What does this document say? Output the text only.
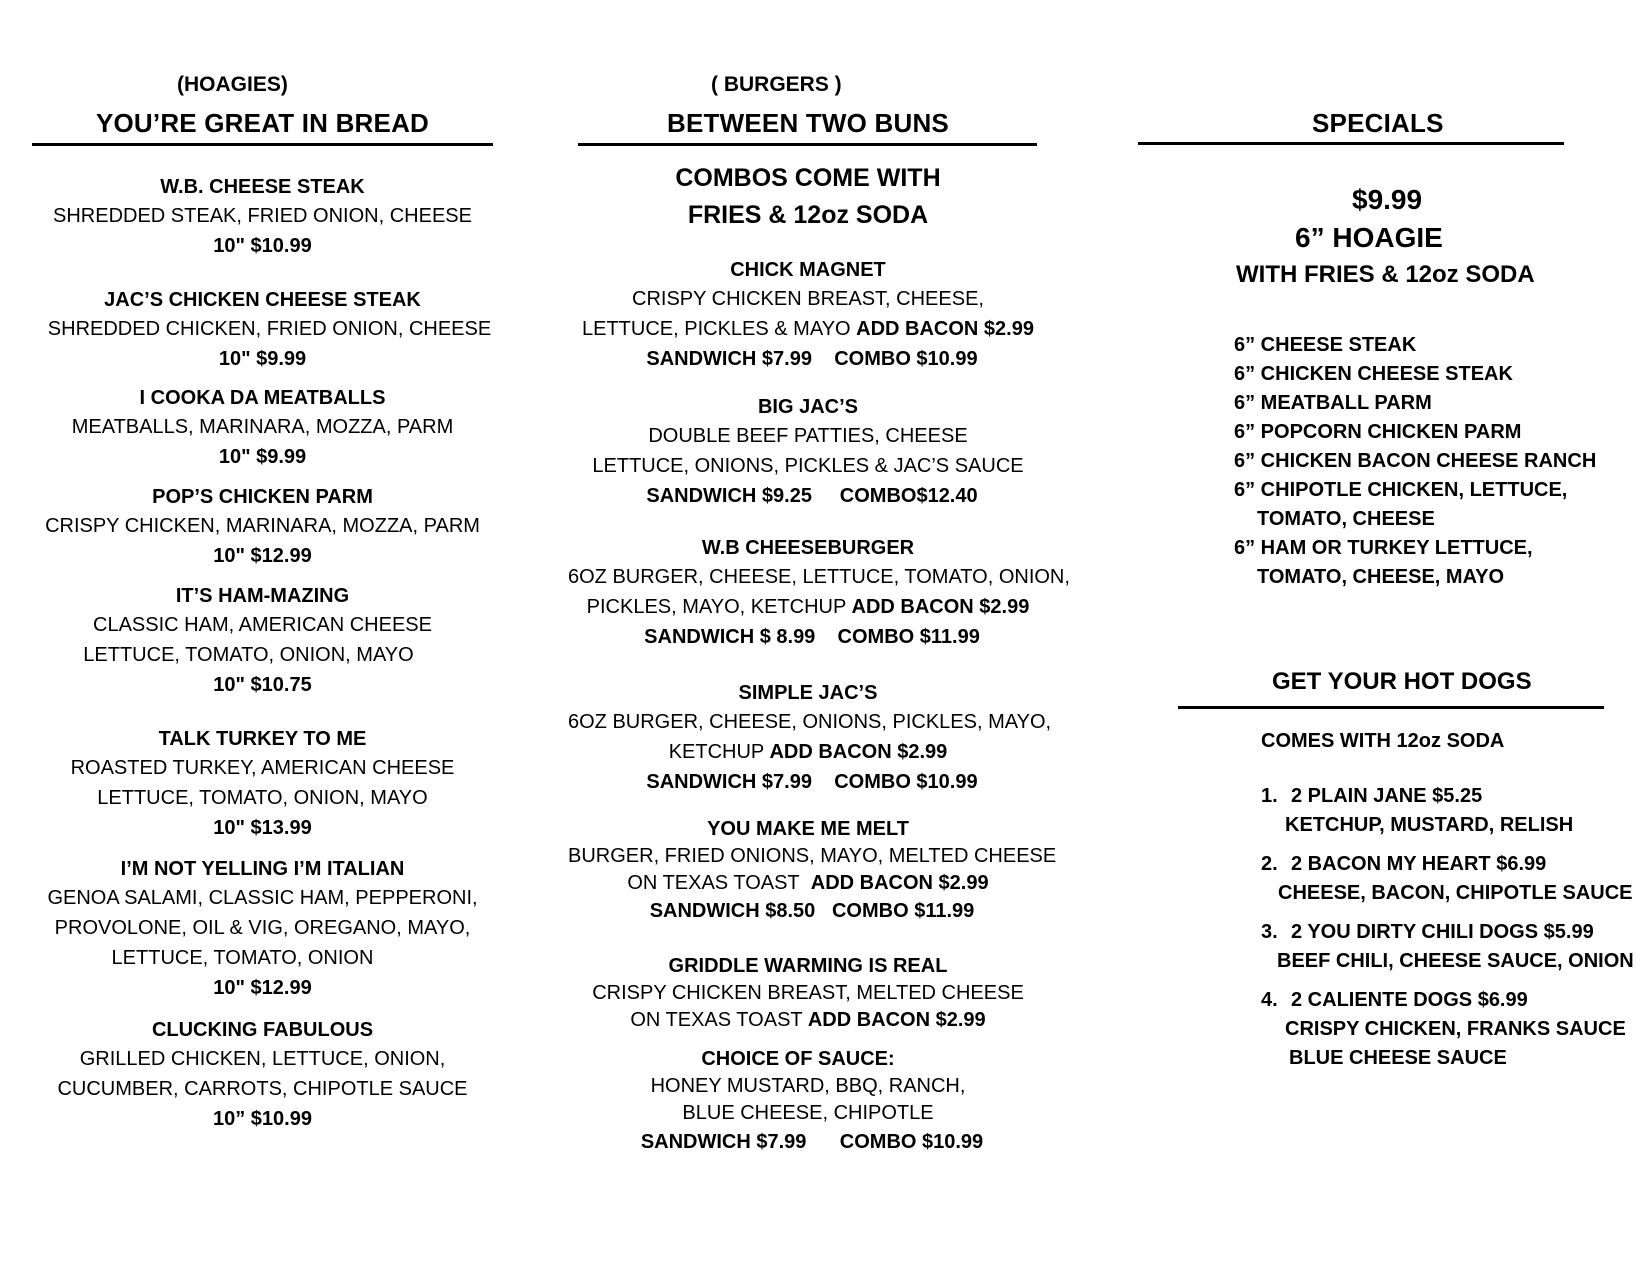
(HOAGIES)
YOU’RE GREAT IN BREAD
W.B. CHEESE STEAK
SHREDDED STEAK, FRIED ONION, CHEESE
10" $10.99
JAC’S CHICKEN CHEESE STEAK
SHREDDED CHICKEN, FRIED ONION, CHEESE
10" $9.99
I COOKA DA MEATBALLS
MEATBALLS, MARINARA, MOZZA, PARM
10" $9.99
POP’S CHICKEN PARM
CRISPY CHICKEN, MARINARA, MOZZA, PARM
10" $12.99
IT’S HAM-MAZING
CLASSIC HAM, AMERICAN CHEESE
LETTUCE, TOMATO, ONION, MAYO
10" $10.75
TALK TURKEY TO ME
ROASTED TURKEY, AMERICAN CHEESE
LETTUCE, TOMATO, ONION, MAYO
10" $13.99
I’M NOT YELLING I’M ITALIAN
GENOA SALAMI, CLASSIC HAM, PEPPERONI,
PROVOLONE, OIL & VIG, OREGANO, MAYO,
LETTUCE, TOMATO, ONION
10" $12.99
CLUCKING FABULOUS
GRILLED CHICKEN, LETTUCE, ONION,
CUCUMBER, CARROTS, CHIPOTLE SAUCE
10” $10.99
( BURGERS )
BETWEEN TWO BUNS
COMBOS COME WITH
FRIES & 12oz SODA
CHICK MAGNET
CRISPY CHICKEN BREAST, CHEESE,
LETTUCE, PICKLES & MAYO ADD BACON $2.99
SANDWICH $7.99 COMBO $10.99
BIG JAC’S
DOUBLE BEEF PATTIES, CHEESE
LETTUCE, ONIONS, PICKLES & JAC’S SAUCE
SANDWICH $9.25 COMBO$12.40
W.B CHEESEBURGER
6OZ BURGER, CHEESE, LETTUCE, TOMATO, ONION,
PICKLES, MAYO, KETCHUP ADD BACON $2.99
SANDWICH $ 8.99 COMBO $11.99
SIMPLE JAC’S
6OZ BURGER, CHEESE, ONIONS, PICKLES, MAYO,
KETCHUP ADD BACON $2.99
SANDWICH $7.99 COMBO $10.99
YOU MAKE ME MELT
BURGER, FRIED ONIONS, MAYO, MELTED CHEESE
ON TEXAS TOAST ADD BACON $2.99
SANDWICH $8.50 COMBO $11.99
GRIDDLE WARMING IS REAL
CRISPY CHICKEN BREAST, MELTED CHEESE
ON TEXAS TOAST ADD BACON $2.99
CHOICE OF SAUCE:
HONEY MUSTARD, BBQ, RANCH,
BLUE CHEESE, CHIPOTLE
SANDWICH $7.99 COMBO $10.99
SPECIALS
$9.99
6” HOAGIE
WITH FRIES & 12oz SODA
6” CHEESE STEAK
6” CHICKEN CHEESE STEAK
6” MEATBALL PARM
6” POPCORN CHICKEN PARM
6” CHICKEN BACON CHEESE RANCH
6” CHIPOTLE CHICKEN, LETTUCE,
TOMATO, CHEESE
6” HAM OR TURKEY LETTUCE,
TOMATO, CHEESE, MAYO
GET YOUR HOT DOGS
COMES WITH 12oz SODA
1. 2 PLAIN JANE $5.25
KETCHUP, MUSTARD, RELISH
2. 2 BACON MY HEART $6.99
CHEESE, BACON, CHIPOTLE SAUCE
3. 2 YOU DIRTY CHILI DOGS $5.99
BEEF CHILI, CHEESE SAUCE, ONION
4. 2 CALIENTE DOGS $6.99
CRISPY CHICKEN, FRANKS SAUCE
BLUE CHEESE SAUCE
